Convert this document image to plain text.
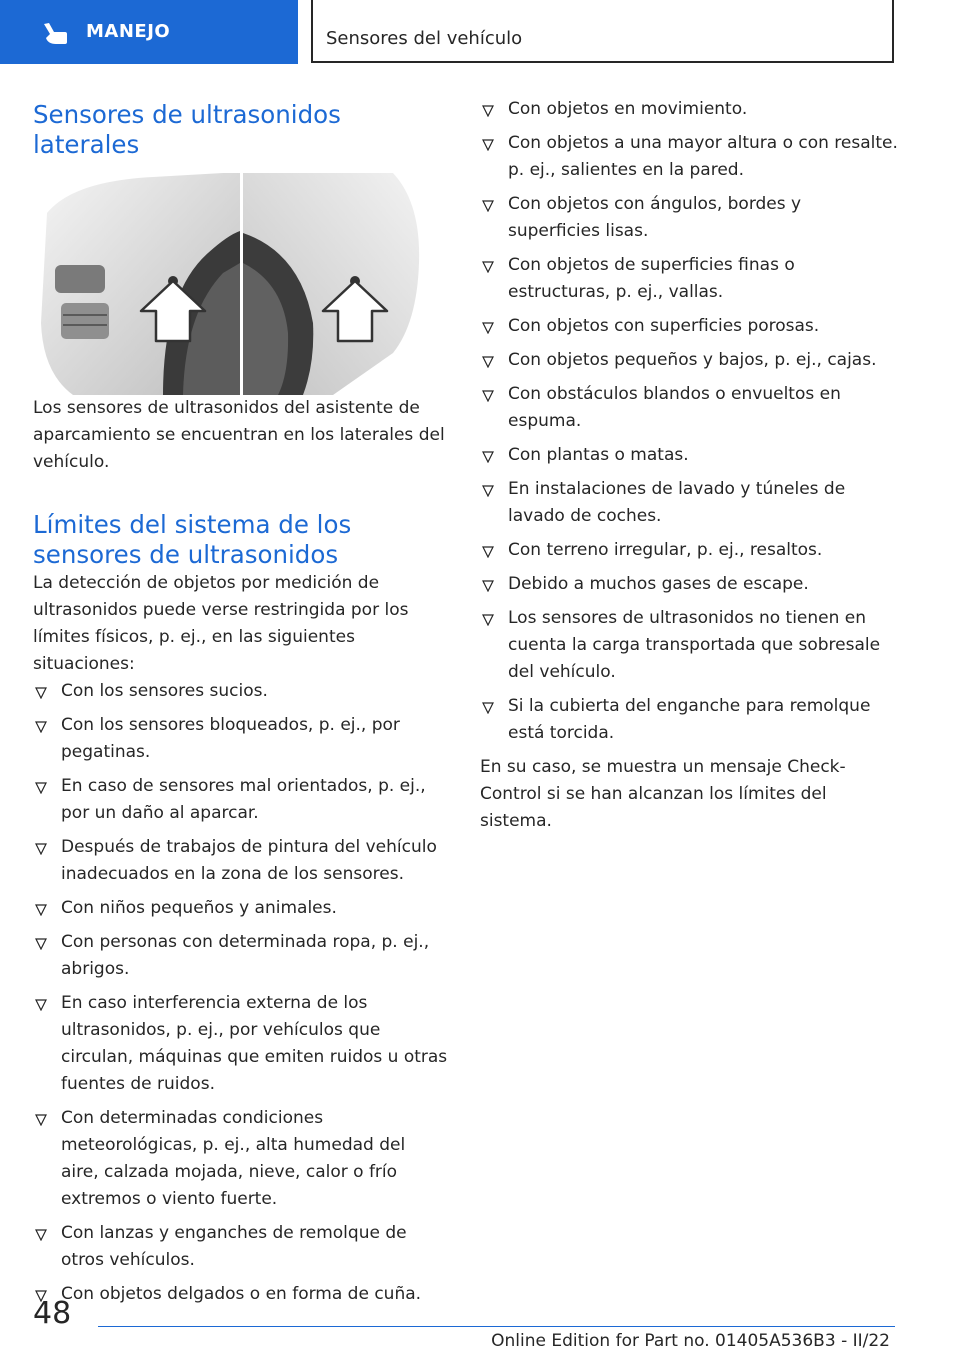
MANEJO	Sensores del vehículo
Sensores de ultrasonidos laterales

Los sensores de ultrasonidos del asistente de aparcamiento se encuentran en los laterales del vehículo.

Límites del sistema de los sensores de ultrasonidos

La detección de objetos por medición de ultrasonidos puede verse restringida por los límites físicos, p. ej., en las siguientes situaciones:

Con los sensores sucios.
Con los sensores bloqueados, p. ej., por pegatinas.
En caso de sensores mal orientados, p. ej., por un daño al aparcar.
Después de trabajos de pintura del vehículo inadecuados en la zona de los sensores.
Con niños pequeños y animales.
Con personas con determinada ropa, p. ej., abrigos.
En caso interferencia externa de los ultrasonidos, p. ej., por vehículos que circulan, máquinas que emiten ruidos u otras fuentes de ruidos.
Con determinadas condiciones meteorológicas, p. ej., alta humedad del aire, calzada mojada, nieve, calor o frío extremos o viento fuerte.
Con lanzas y enganches de remolque de otros vehículos.
Con objetos delgados o en forma de cuña.
Con objetos en movimiento.
Con objetos a una mayor altura o con resalte. p. ej., salientes en la pared.
Con objetos con ángulos, bordes y superficies lisas.
Con objetos de superficies finas o estructuras, p. ej., vallas.
Con objetos con superficies porosas.
Con objetos pequeños y bajos, p. ej., cajas.
Con obstáculos blandos o envueltos en espuma.
Con plantas o matas.
En instalaciones de lavado y túneles de lavado de coches.
Con terreno irregular, p. ej., resaltos.
Debido a muchos gases de escape.
Los sensores de ultrasonidos no tienen en cuenta la carga transportada que sobresale del vehículo.
Si la cubierta del enganche para remolque está torcida.

En su caso, se muestra un mensaje Check-Control si se han alcanzan los límites del sistema.

48
Online Edition for Part no. 01405A536B3 - II/22
